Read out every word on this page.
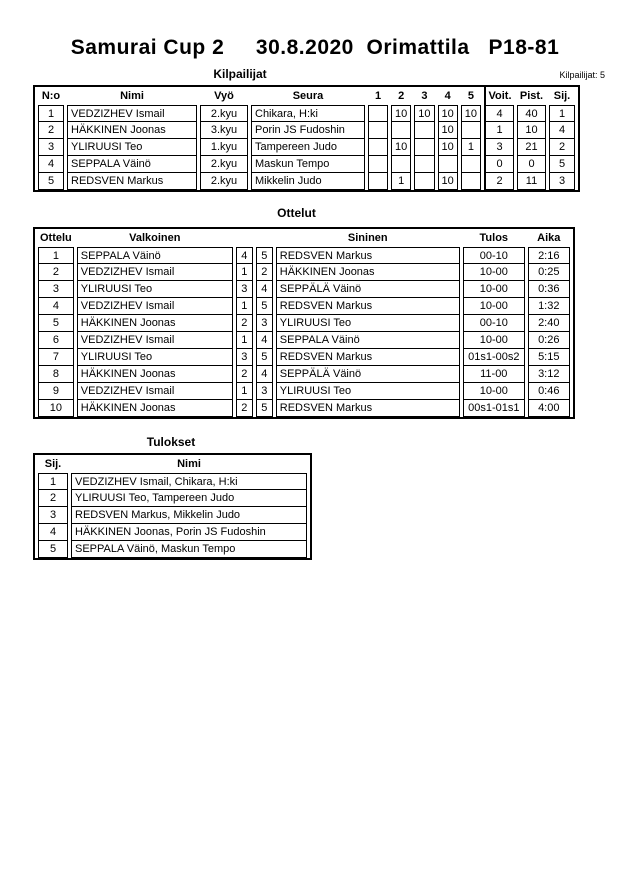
Samurai Cup 2     30.8.2020  Orimattila   P18-81
Kilpailijat: 5
Kilpailijat
N:o	Nimi	Vyö	Seura	1	2	3	4	5	Voit.	Pist.	Sij.
1	VEDZIZHEV Ismail	2.kyu	Chikara, H:ki		10	10	10	10	4	40	1
2	HÄKKINEN Joonas	3.kyu	Porin JS Fudoshin				10		1	10	4
3	YLIRUUSI Teo	1.kyu	Tampereen Judo		10		10	1	3	21	2
4	SEPPALA Väinö	2.kyu	Maskun Tempo						0	0	5
5	REDSVEN Markus	2.kyu	Mikkelin Judo		1		10		2	11	3
Ottelut
Ottelu	Valkoinen			Sininen	Tulos	Aika
1	SEPPALA Väinö	4	5	REDSVEN Markus	00-10	2:16
2	VEDZIZHEV Ismail	1	2	HÄKKINEN Joonas	10-00	0:25
3	YLIRUUSI Teo	3	4	SEPPÄLÄ Väinö	10-00	0:36
4	VEDZIZHEV Ismail	1	5	REDSVEN Markus	10-00	1:32
5	HÄKKINEN Joonas	2	3	YLIRUUSI Teo	00-10	2:40
6	VEDZIZHEV Ismail	1	4	SEPPALA Väinö	10-00	0:26
7	YLIRUUSI Teo	3	5	REDSVEN Markus	01s1-00s2	5:15
8	HÄKKINEN Joonas	2	4	SEPPÄLÄ Väinö	11-00	3:12
9	VEDZIZHEV Ismail	1	3	YLIRUUSI Teo	10-00	0:46
10	HÄKKINEN Joonas	2	5	REDSVEN Markus	00s1-01s1	4:00
Tulokset
Sij.	Nimi
1	VEDZIZHEV Ismail, Chikara, H:ki
2	YLIRUUSI Teo, Tampereen Judo
3	REDSVEN Markus, Mikkelin Judo
4	HÄKKINEN Joonas, Porin JS Fudoshin
5	SEPPALA Väinö, Maskun Tempo
